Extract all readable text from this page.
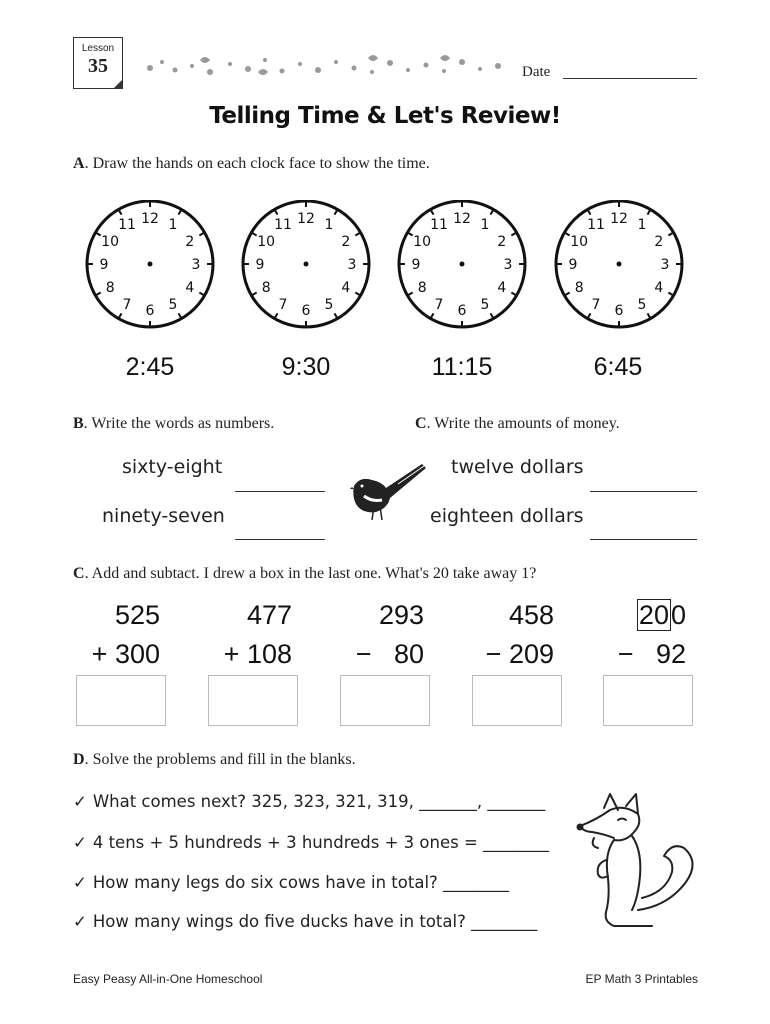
Lesson
35	Date
Telling Time & Let's Review!
A. Draw the hands on each clock face to show the time.
12 1
2
3
4
5
6
7
8
9
10
11	12 1
2
3
4
5
6
7
8
9
10
11	12 1
2
3
4
5
6
7
8
9
10
11	12 1
2
3
4
5
6
7
8
9
10
11
2:45	9:30	11:15	6:45
B. Write the words as numbers.	C. Write the amounts of money.
sixty-eight
ninety-seven
twelve dollars
eighteen dollars
C. Add and subtact. I drew a box in the last one. What's 20 take away 1?
525
+ 300
477
+ 108
293
−   80
458
− 209
200
−   92
D. Solve the problems and fill in the blanks.
✓ What comes next? 325, 323, 321, 319, _______, _______
✓ 4 tens + 5 hundreds + 3 hundreds + 3 ones = ________
✓ How many legs do six cows have in total? ________
✓ How many wings do five ducks have in total? ________
Easy Peasy All-in-One Homeschool	EP Math 3 Printables
